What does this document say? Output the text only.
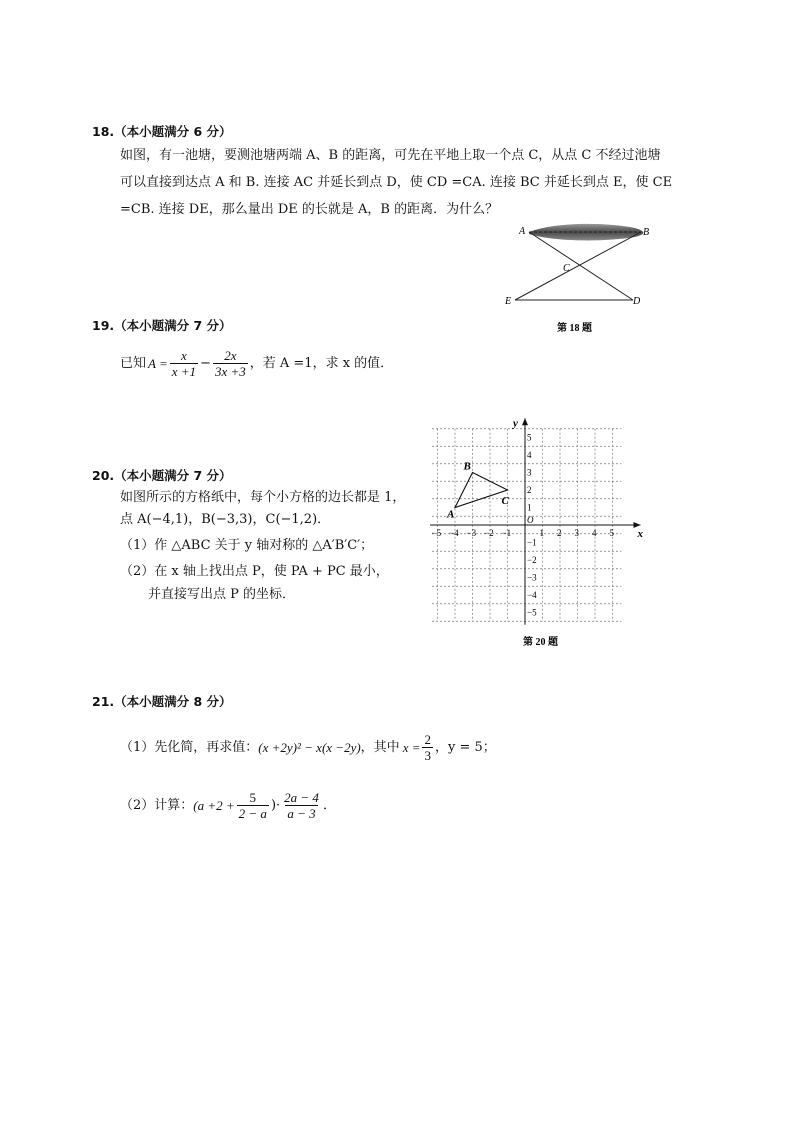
18.（本小题满分 6 分）
如图，有一池塘，要测池塘两端 A、B 的距离，可先在平地上取一个点 C，从点 C 不经过池塘
可以直接到达点 A 和 B. 连接 AC 并延长到点 D，使 CD =CA. 连接 BC 并延长到点 E，使 CE
=CB. 连接 DE，那么量出 DE 的长就是 A，B 的距离．为什么？
A	B
C
E	D
第 18 题
19.（本小题满分 7 分）
已知 $A = \frac{x}{x +1} - \frac{2x}{3x +3}$ ，若 A =1，求 x 的值．
20.（本小题满分 7 分）
如图所示的方格纸中，每个小方格的边长都是 1，
点 A(−4,1)，B(−3,3)，C(−1,2)．
（1）作 △ABC 关于 y 轴对称的 △A′B′C′；
（2）在 x 轴上找出点 P，使 PA + PC 最小，
并直接写出点 P 的坐标．
x
y
O
−5 −4 −3 −2 −1	1 2 3 4 5
5
4
3
2
1
−1
−2
−3
−4
−5
A
B
C
第 20 题
21.（本小题满分 8 分）
（1）先化简，再求值： (x +2y)² − x(x −2y) ，其中 $x = \frac{2}{3}$ ，y = 5；
（2）计算： ($a +2 + \frac{5}{2 - a}$ )· $\frac{2a - 4}{a - 3}$ ．
